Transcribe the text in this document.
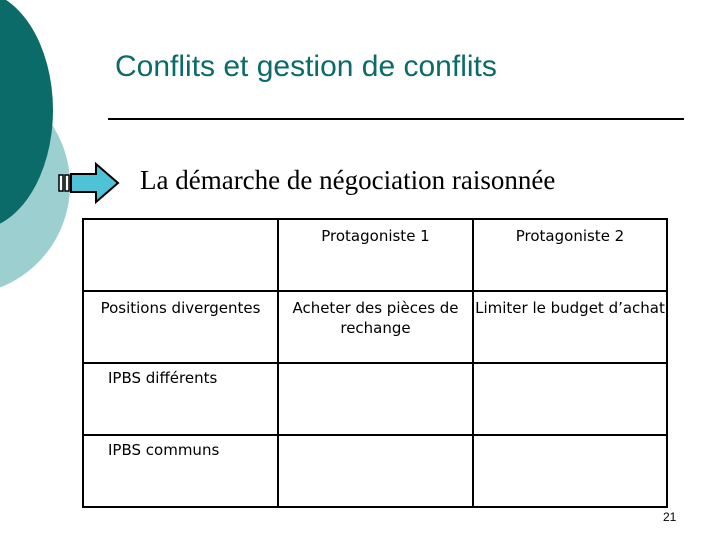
Conflits et gestion de conflits
La démarche de négociation raisonnée
	Protagoniste 1	Protagoniste 2
Positions divergentes	Acheter des pièces de rechange	Limiter le budget d’achat
IPBS différents		
IPBS communs		
21
